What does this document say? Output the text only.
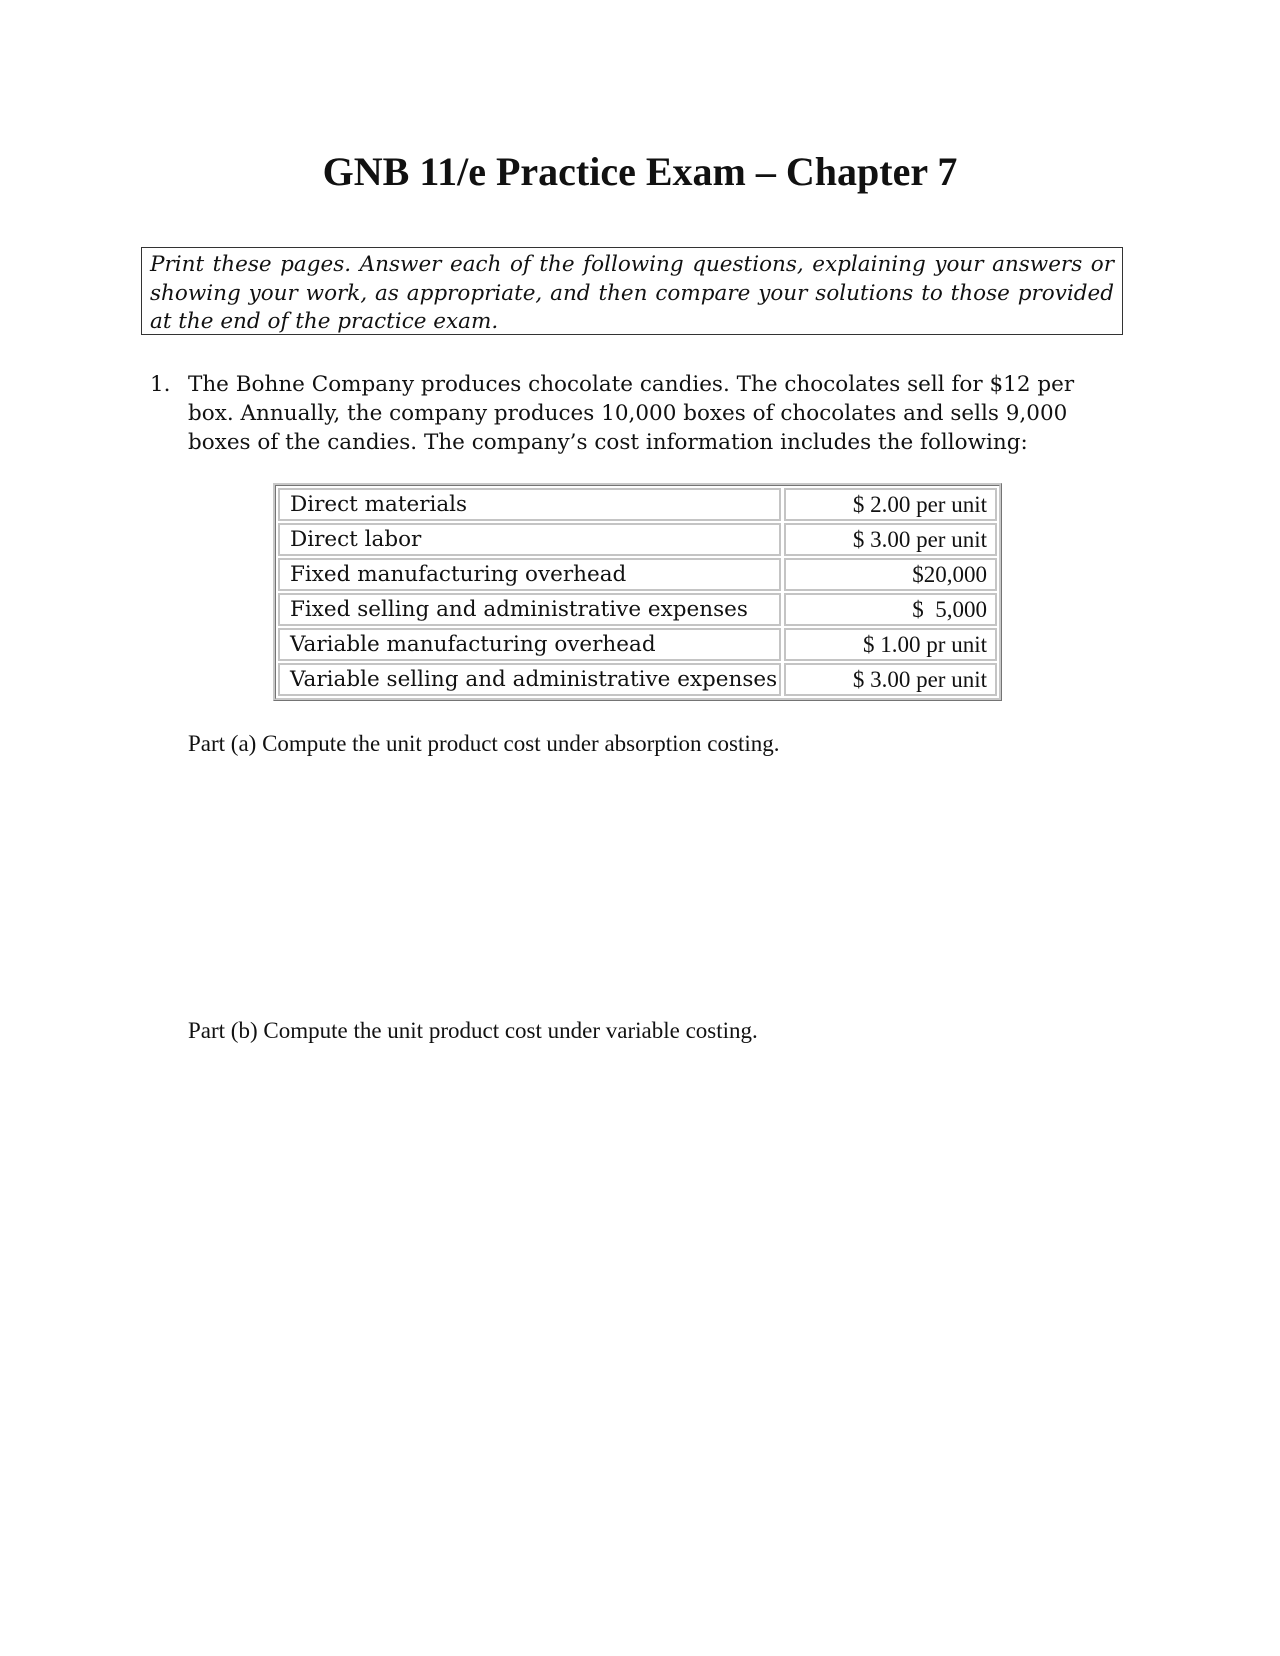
GNB 11/e Practice Exam – Chapter 7
Print these pages. Answer each of the following questions, explaining your answers or showing your work, as appropriate, and then compare your solutions to those provided at the end of the practice exam.
1. The Bohne Company produces chocolate candies. The chocolates sell for $12 per box. Annually, the company produces 10,000 boxes of chocolates and sells 9,000 boxes of the candies. The company’s cost information includes the following:
Direct materials	$ 2.00 per unit
Direct labor	$ 3.00 per unit
Fixed manufacturing overhead	$20,000
Fixed selling and administrative expenses	$  5,000
Variable manufacturing overhead	$ 1.00 pr unit
Variable selling and administrative expenses	$ 3.00 per unit
Part (a) Compute the unit product cost under absorption costing.
Part (b) Compute the unit product cost under variable costing.
